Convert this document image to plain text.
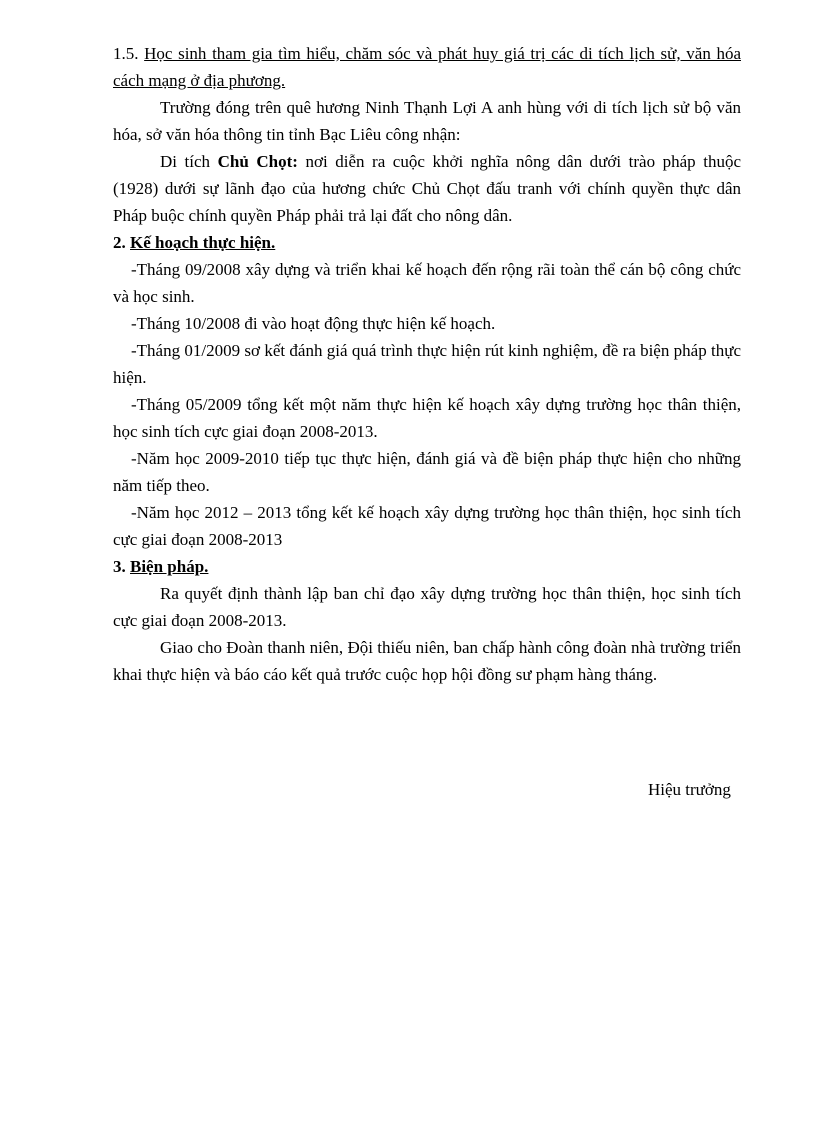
1.5. Học sinh tham gia tìm hiểu, chăm sóc và phát huy giá trị các di tích lịch sử, văn hóa cách mạng ở địa phương.

Trường đóng trên quê hương Ninh Thạnh Lợi A anh hùng với di tích lịch sử bộ văn hóa, sở văn hóa thông tin tỉnh Bạc Liêu công nhận:

Di tích Chủ Chọt: nơi diễn ra cuộc khởi nghĩa nông dân dưới trào pháp thuộc (1928) dưới sự lãnh đạo của hương chức Chủ Chọt đấu tranh với chính quyền thực dân Pháp buộc chính quyền Pháp phải trả lại đất cho nông dân.

2. Kế hoạch thực hiện.

-Tháng 09/2008 xây dựng và triển khai kế hoạch đến rộng rãi toàn thể cán bộ công chức và học sinh.

-Tháng 10/2008 đi vào hoạt động thực hiện kế hoạch.

-Tháng 01/2009 sơ kết đánh giá quá trình thực hiện rút kinh nghiệm, đề ra biện pháp thực hiện.

-Tháng 05/2009 tổng kết một năm thực hiện kế hoạch xây dựng trường học thân thiện, học sinh tích cực giai đoạn 2008-2013.

-Năm học 2009-2010 tiếp tục thực hiện, đánh giá và đề biện pháp thực hiện cho những năm tiếp theo.

-Năm học 2012 – 2013 tổng kết kế hoạch xây dựng trường học thân thiện, học sinh tích cực giai đoạn 2008-2013

3. Biện pháp.

Ra quyết định thành lập ban chỉ đạo xây dựng trường học thân thiện, học sinh tích cực giai đoạn 2008-2013.

Giao cho Đoàn thanh niên, Đội thiếu niên, ban chấp hành công đoàn nhà trường triển khai thực hiện và báo cáo kết quả trước cuộc họp hội đồng sư phạm hàng tháng.

Hiệu trưởng
